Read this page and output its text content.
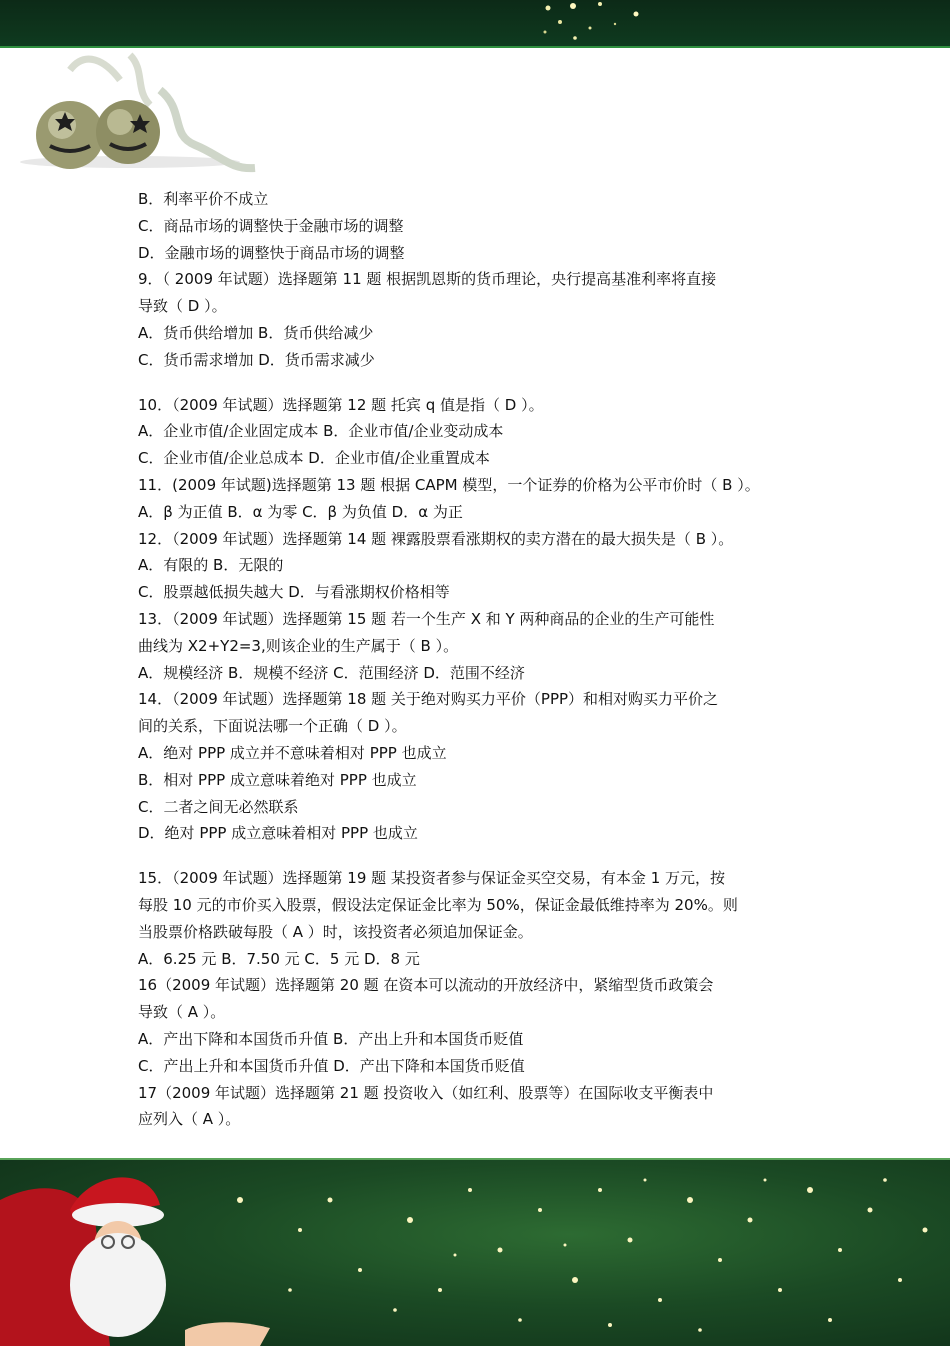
B．利率平价不成立

C．商品市场的调整快于金融市场的调整

D．金融市场的调整快于商品市场的调整

9．（ 2009 年试题）选择题第 11 题 根据凯恩斯的货币理论，央行提高基准利率将直接

导致（ D ）。

A．货币供给增加 B．货币供给减少

C．货币需求增加 D．货币需求减少

10．（2009 年试题）选择题第 12 题 托宾 q 值是指（ D ）。

A．企业市值/企业固定成本 B．企业市值/企业变动成本

C．企业市值/企业总成本 D．企业市值/企业重置成本

11．(2009 年试题)选择题第 13 题 根据 CAPM 模型，一个证券的价格为公平市价时（ B ）。

A．β 为正值 B．α 为零 C．β 为负值 D．α 为正

12．（2009 年试题）选择题第 14 题 裸露股票看涨期权的卖方潜在的最大损失是（ B ）。

A．有限的 B．无限的

C．股票越低损失越大 D．与看涨期权价格相等

13．（2009 年试题）选择题第 15 题 若一个生产 X 和 Y 两种商品的企业的生产可能性

曲线为 X2+Y2=3,则该企业的生产属于（ B ）。

A．规模经济 B．规模不经济 C．范围经济 D．范围不经济

14．（2009 年试题）选择题第 18 题 关于绝对购买力平价（PPP）和相对购买力平价之

间的关系，下面说法哪一个正确（ D ）。

A．绝对 PPP 成立并不意味着相对 PPP 也成立

B．相对 PPP 成立意味着绝对 PPP 也成立

C．二者之间无必然联系

D．绝对 PPP 成立意味着相对 PPP 也成立

15．（2009 年试题）选择题第 19 题 某投资者参与保证金买空交易，有本金 1 万元，按

每股 10 元的市价买入股票，假设法定保证金比率为 50%，保证金最低维持率为 20%。则

当股票价格跌破每股（ A ）时，该投资者必须追加保证金。

A．6.25 元 B．7.50 元 C．5 元 D．8 元

16（2009 年试题）选择题第 20 题 在资本可以流动的开放经济中，紧缩型货币政策会

导致（ A ）。

A．产出下降和本国货币升值 B．产出上升和本国货币贬值

C．产出上升和本国货币升值 D．产出下降和本国货币贬值

17（2009 年试题）选择题第 21 题 投资收入（如红利、股票等）在国际收支平衡表中

应列入（ A ）。
